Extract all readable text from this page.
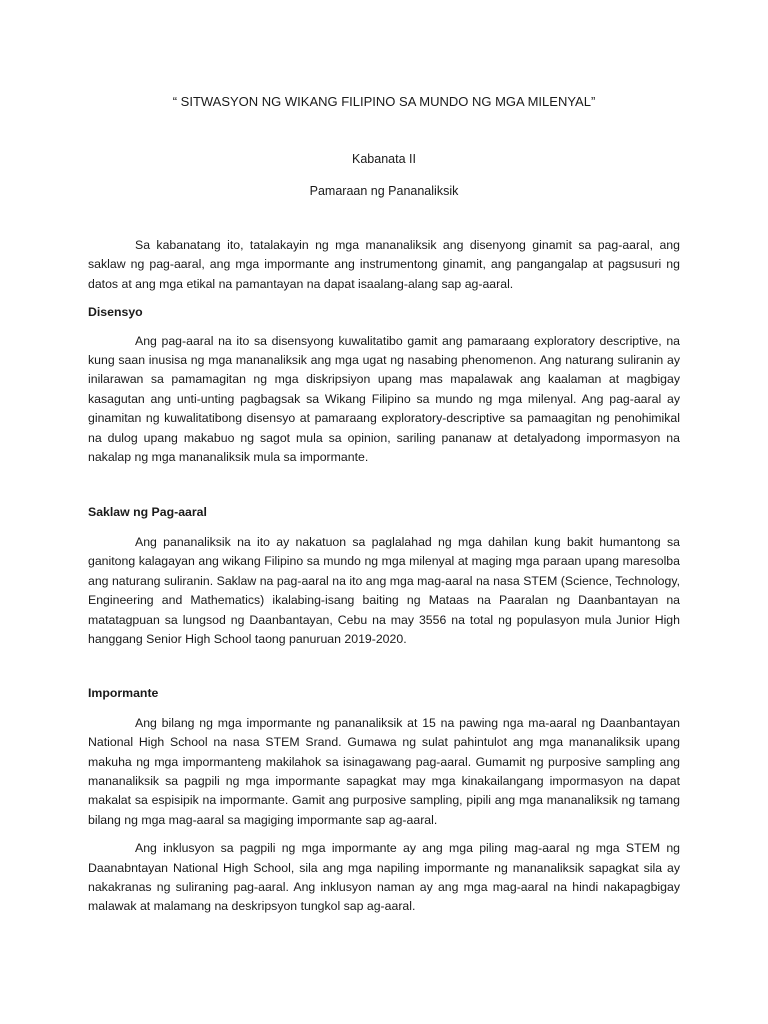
“ SITWASYON NG WIKANG FILIPINO SA MUNDO NG MGA MILENYAL”
Kabanata II
Pamaraan ng Pananaliksik

Sa kabanatang ito, tatalakayin ng mga mananaliksik ang disenyong ginamit sa pag-aaral, ang saklaw ng pag-aaral, ang mga impormante ang instrumentong ginamit, ang pangangalap at pagsusuri ng datos at ang mga etikal na pamantayan na dapat isaalang-alang sap ag-aaral.

Disensyo

Ang pag-aaral na ito sa disensyong kuwalitatibo gamit ang pamaraang exploratory descriptive, na kung saan inusisa ng mga mananaliksik ang mga ugat ng nasabing phenomenon. Ang naturang suliranin ay inilarawan sa pamamagitan ng mga diskripsiyon upang mas mapalawak ang kaalaman at magbigay kasagutan ang unti-unting pagbagsak sa Wikang Filipino sa mundo ng mga milenyal. Ang pag-aaral ay ginamitan ng kuwalitatibong disensyo at pamaraang exploratory-descriptive sa pamaagitan ng penohimikal na dulog upang makabuo ng sagot mula sa opinion, sariling pananaw at detalyadong impormasyon na nakalap ng mga mananaliksik mula sa impormante.

Saklaw ng Pag-aaral

Ang pananaliksik na ito ay nakatuon sa paglalahad ng mga dahilan kung bakit humantong sa ganitong kalagayan ang wikang Filipino sa mundo ng mga milenyal at maging mga paraan upang maresolba ang naturang suliranin. Saklaw na pag-aaral na ito ang mga mag-aaral na nasa STEM (Science, Technology, Engineering and Mathematics) ikalabing-isang baiting ng Mataas na Paaralan ng Daanbantayan na matatagpuan sa lungsod ng Daanbantayan, Cebu na may 3556 na total ng populasyon mula Junior High hanggang Senior High School taong panuruan 2019-2020.

Impormante

Ang bilang ng mga impormante ng pananaliksik at 15 na pawing nga ma-aaral ng Daanbantayan National High School na nasa STEM Srand. Gumawa ng sulat pahintulot ang mga mananaliksik upang makuha ng mga impormanteng makilahok sa isinagawang pag-aaral. Gumamit ng purposive sampling ang mananaliksik sa pagpili ng mga impormante sapagkat may mga kinakailangang impormasyon na dapat makalat sa espisipik na impormante. Gamit ang purposive sampling, pipili ang mga mananaliksik ng tamang bilang ng mga mag-aaral sa magiging impormante sap ag-aaral.

Ang inklusyon sa pagpili ng mga impormante ay ang mga piling mag-aaral ng mga STEM ng Daanabntayan National High School, sila ang mga napiling impormante ng mananaliksik sapagkat sila ay nakakranas ng suliraning pag-aaral. Ang inklusyon naman ay ang mga mag-aaral na hindi nakapagbigay malawak at malamang na deskripsyon tungkol sap ag-aaral.
